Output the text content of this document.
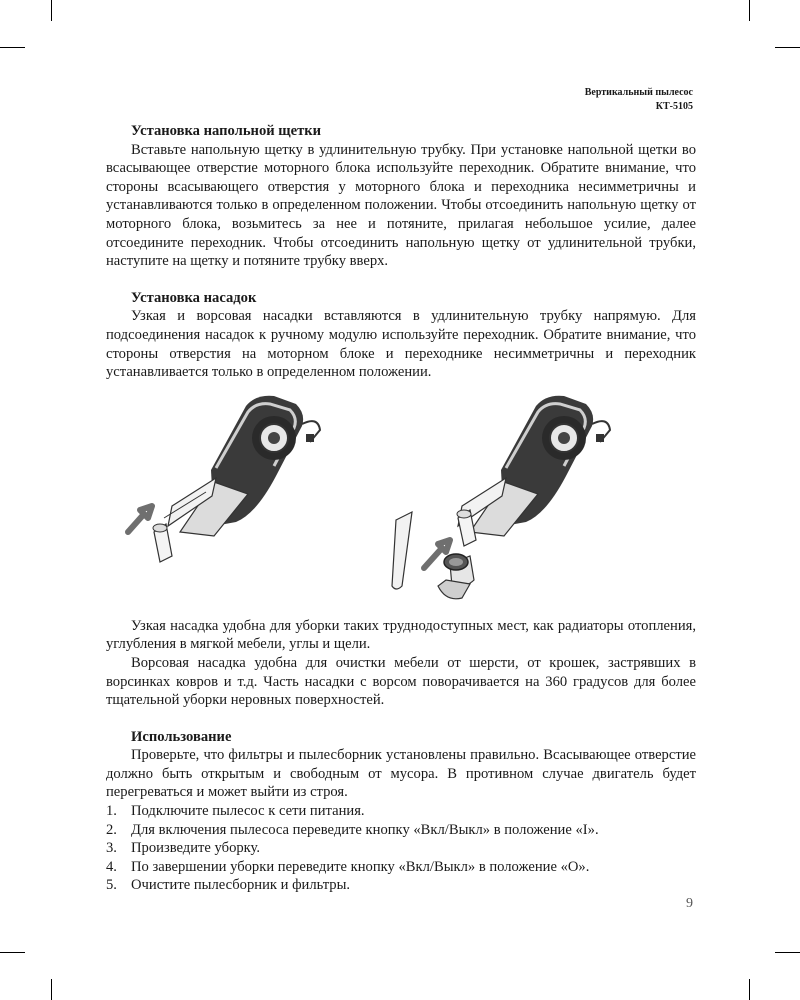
Вертикальный пылесос
КТ-5105
Установка напольной щетки

Вставьте напольную щетку в удлинительную трубку. При установке напольной щетки во всасывающее отверстие моторного блока используйте переходник. Обратите внимание, что стороны всасывающего отверстия у моторного блока и переходника несимметричны и устанавливаются только в определенном положении. Чтобы отсоединить напольную щетку от моторного блока, возьмитесь за нее и потяните, прилагая небольшое усилие, далее отсоедините переходник. Чтобы отсоединить напольную щетку от удлинительной трубки, наступите на щетку и потяните трубку вверх.

Установка насадок

Узкая и ворсовая насадки вставляются в удлинительную трубку напрямую. Для подсоединения насадок к ручному модулю используйте переходник. Обратите внимание, что стороны отверстия на моторном блоке и переходнике несимметричны и переходник устанавливается только в определенном положении.

Узкая насадка удобна для уборки таких труднодоступных мест, как радиаторы отопления, углубления в мягкой мебели, углы и щели.

Ворсовая насадка удобна для очистки мебели от шерсти, от крошек, застрявших в ворсинках ковров и т.д. Часть насадки с ворсом поворачивается на 360 градусов для более тщательной уборки неровных поверхностей.

Использование

Проверьте, что фильтры и пылесборник установлены правильно. Всасывающее отверстие должно быть открытым и свободным от мусора. В противном случае двигатель будет перегреваться и может выйти из строя.

1. Подключите пылесос к сети питания.
2. Для включения пылесоса переведите кнопку «Вкл/Выкл» в положение «I».
3. Произведите уборку.
4. По завершении уборки переведите кнопку «Вкл/Выкл» в положение «O».
5. Очистите пылесборник и фильтры.
9
